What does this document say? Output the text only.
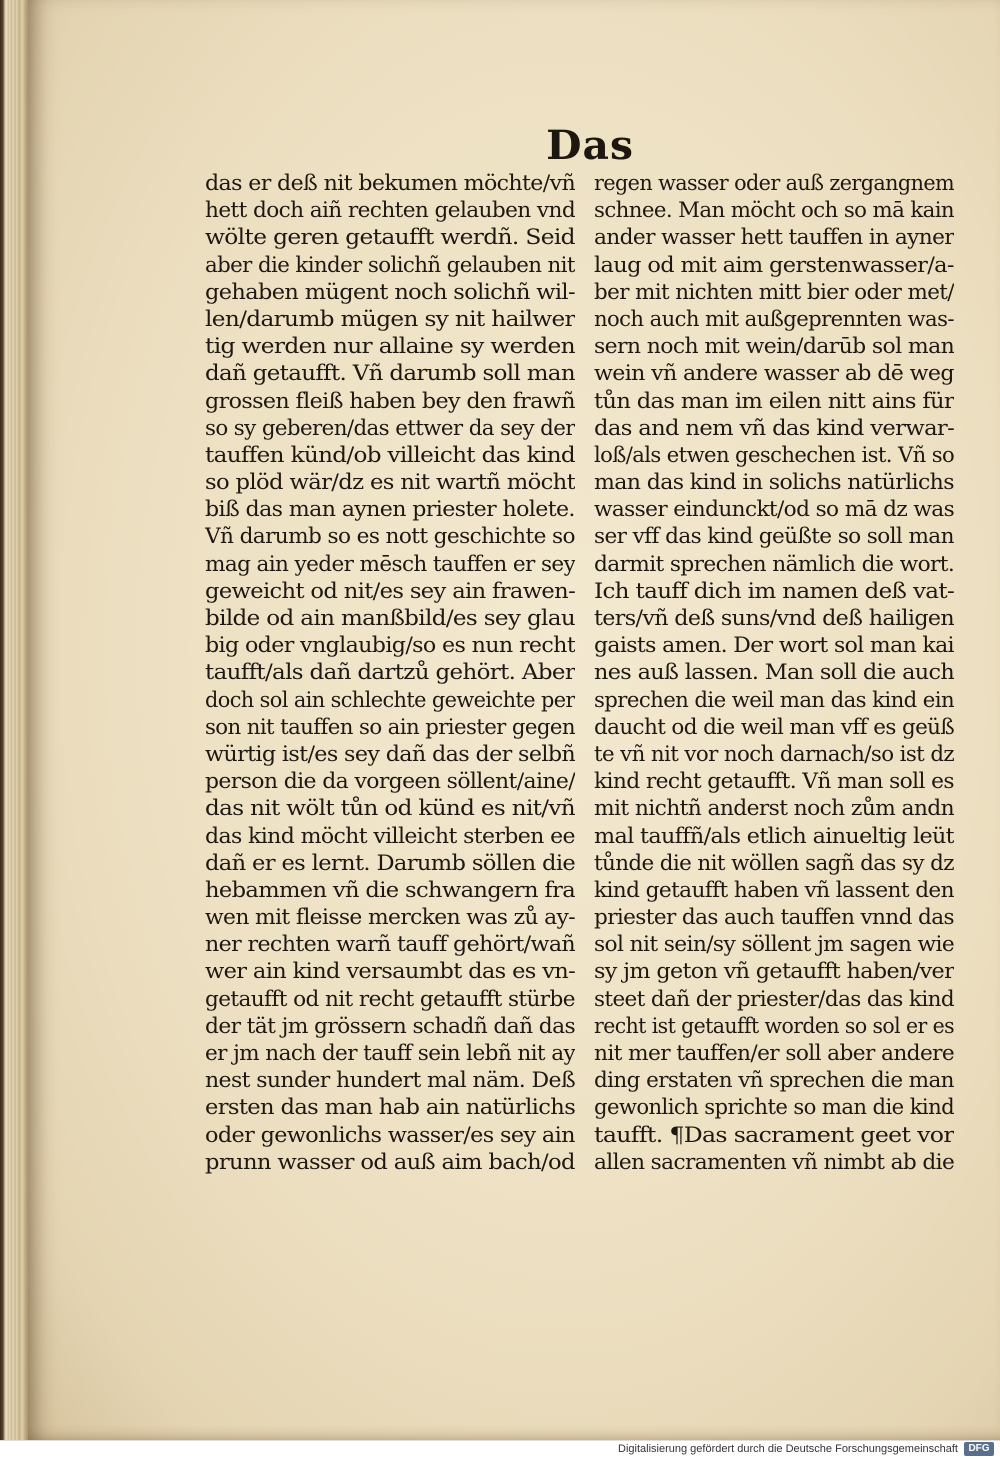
Das
das er deß nit bekumen möchte/vñ
hett doch aiñ rechten gelauben vnd
wölte geren getaufft werdñ. Seid
aber die kinder solichñ gelauben nit
gehaben mügent noch solichñ wil-
len/darumb mügen sy nit hailwer
tig werden nur allaine sy werden
dañ getaufft. Vñ darumb soll man
grossen fleiß haben bey den frawñ
so sy geberen/das ettwer da sey der
tauffen künd/ob villeicht das kind
so plöd wär/dz es nit wartñ möcht
biß das man aynen priester holete.
Vñ darumb so es nott geschichte so
mag ain yeder mēsch tauffen er sey
geweicht od nit/es sey ain frawen-
bilde od ain manßbild/es sey glau
big oder vnglaubig/so es nun recht
taufft/als dañ dartzů gehört. Aber
doch sol ain schlechte geweichte per
son nit tauffen so ain priester gegen
würtig ist/es sey dañ das der selbñ
person die da vorgeen söllent/aine/
das nit wölt tůn od künd es nit/vñ
das kind möcht villeicht sterben ee
dañ er es lernt. Darumb söllen die
hebammen vñ die schwangern fra
wen mit fleisse mercken was zů ay-
ner rechten warñ tauff gehört/wañ
wer ain kind versaumbt das es vn-
getaufft od nit recht getaufft stürbe
der tät jm grössern schadñ dañ das
er jm nach der tauff sein lebñ nit ay
nest sunder hundert mal näm. Deß
ersten das man hab ain natürlichs
oder gewonlichs wasser/es sey ain
prunn wasser od auß aim bach/od
regen wasser oder auß zergangnem
schnee. Man möcht och so mā kain
ander wasser hett tauffen in ayner
laug od mit aim gerstenwasser/a-
ber mit nichten mitt bier oder met/
noch auch mit außgeprennten was-
sern noch mit wein/darūb sol man
wein vñ andere wasser ab dē weg
tůn das man im eilen nitt ains für
das and nem vñ das kind verwar-
loß/als etwen geschechen ist. Vñ so
man das kind in solichs natürlichs
wasser eindunckt/od so mā dz was
ser vff das kind geüßte so soll man
darmit sprechen nämlich die wort.
Ich tauff dich im namen deß vat-
ters/vñ deß suns/vnd deß hailigen
gaists amen. Der wort sol man kai
nes auß lassen. Man soll die auch
sprechen die weil man das kind ein
daucht od die weil man vff es geüß
te vñ nit vor noch darnach/so ist dz
kind recht getaufft. Vñ man soll es
mit nichtñ anderst noch zům andn
mal tauffñ/als etlich ainueltig leüt
tůnde die nit wöllen sagñ das sy dz
kind getaufft haben vñ lassent den
priester das auch tauffen vnnd das
sol nit sein/sy söllent jm sagen wie
sy jm geton vñ getaufft haben/ver
steet dañ der priester/das das kind
recht ist getaufft worden so sol er es
nit mer tauffen/er soll aber andere
ding erstaten vñ sprechen die man
gewonlich sprichte so man die kind
taufft. ¶Das sacrament geet vor
allen sacramenten vñ nimbt ab die
Digitalisierung gefördert durch die Deutsche Forschungsgemeinschaft	DFG
